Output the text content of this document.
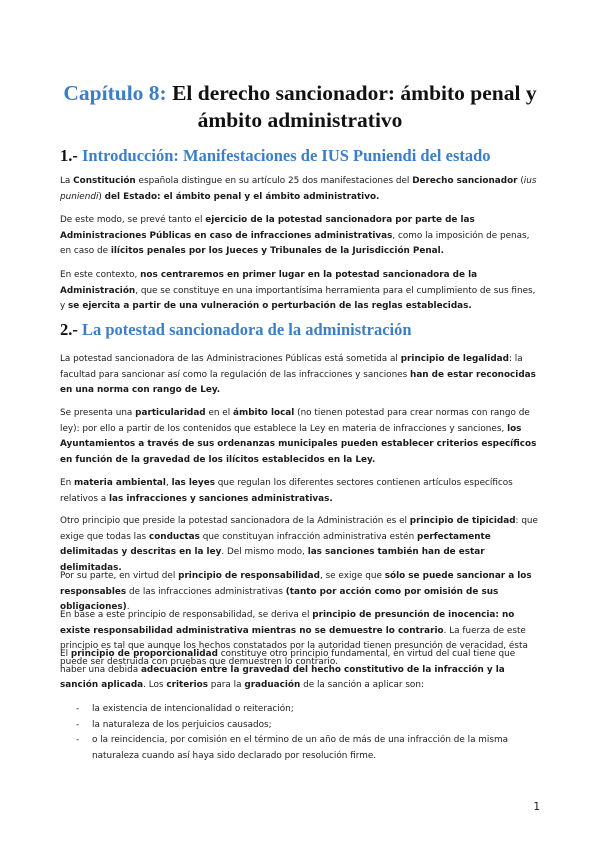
Capítulo 8: El derecho sancionador: ámbito penal y ámbito administrativo
1.- Introducción: Manifestaciones de IUS Puniendi del estado

La Constitución española distingue en su artículo 25 dos manifestaciones del Derecho sancionador (ius puniendi) del Estado: el ámbito penal y el ámbito administrativo.

De este modo, se prevé tanto el ejercicio de la potestad sancionadora por parte de las Administraciones Públicas en caso de infracciones administrativas, como la imposición de penas, en caso de ilícitos penales por los Jueces y Tribunales de la Jurisdicción Penal.

En este contexto, nos centraremos en primer lugar en la potestad sancionadora de la Administración, que se constituye en una importantísima herramienta para el cumplimiento de sus fines, y se ejercita a partir de una vulneración o perturbación de las reglas establecidas.

2.- La potestad sancionadora de la administración

La potestad sancionadora de las Administraciones Públicas está sometida al principio de legalidad: la facultad para sancionar así como la regulación de las infracciones y sanciones han de estar reconocidas en una norma con rango de Ley.

Se presenta una particularidad en el ámbito local (no tienen potestad para crear normas con rango de ley): por ello a partir de los contenidos que establece la Ley en materia de infracciones y sanciones, los Ayuntamientos a través de sus ordenanzas municipales pueden establecer criterios específicos en función de la gravedad de los ilícitos establecidos en la Ley.

En materia ambiental, las leyes que regulan los diferentes sectores contienen artículos específicos relativos a las infracciones y sanciones administrativas.

Otro principio que preside la potestad sancionadora de la Administración es el principio de tipicidad: que exige que todas las conductas que constituyan infracción administrativa estén perfectamente delimitadas y descritas en la ley. Del mismo modo, las sanciones también han de estar delimitadas.

Por su parte, en virtud del principio de responsabilidad, se exige que sólo se puede sancionar a los responsables de las infracciones administrativas (tanto por acción como por omisión de sus obligaciones).

En base a este principio de responsabilidad, se deriva el principio de presunción de inocencia: no existe responsabilidad administrativa mientras no se demuestre lo contrario. La fuerza de este principio es tal que aunque los hechos constatados por la autoridad tienen presunción de veracidad, ésta puede ser destruida con pruebas que demuestren lo contrario.

El principio de proporcionalidad constituye otro principio fundamental, en virtud del cual tiene que haber una debida adecuación entre la gravedad del hecho constitutivo de la infracción y la sanción aplicada. Los criterios para la graduación de la sanción a aplicar son:

- la existencia de intencionalidad o reiteración;
- la naturaleza de los perjuicios causados;
- o la reincidencia, por comisión en el término de un año de más de una infracción de la misma naturaleza cuando así haya sido declarado por resolución firme.

1
